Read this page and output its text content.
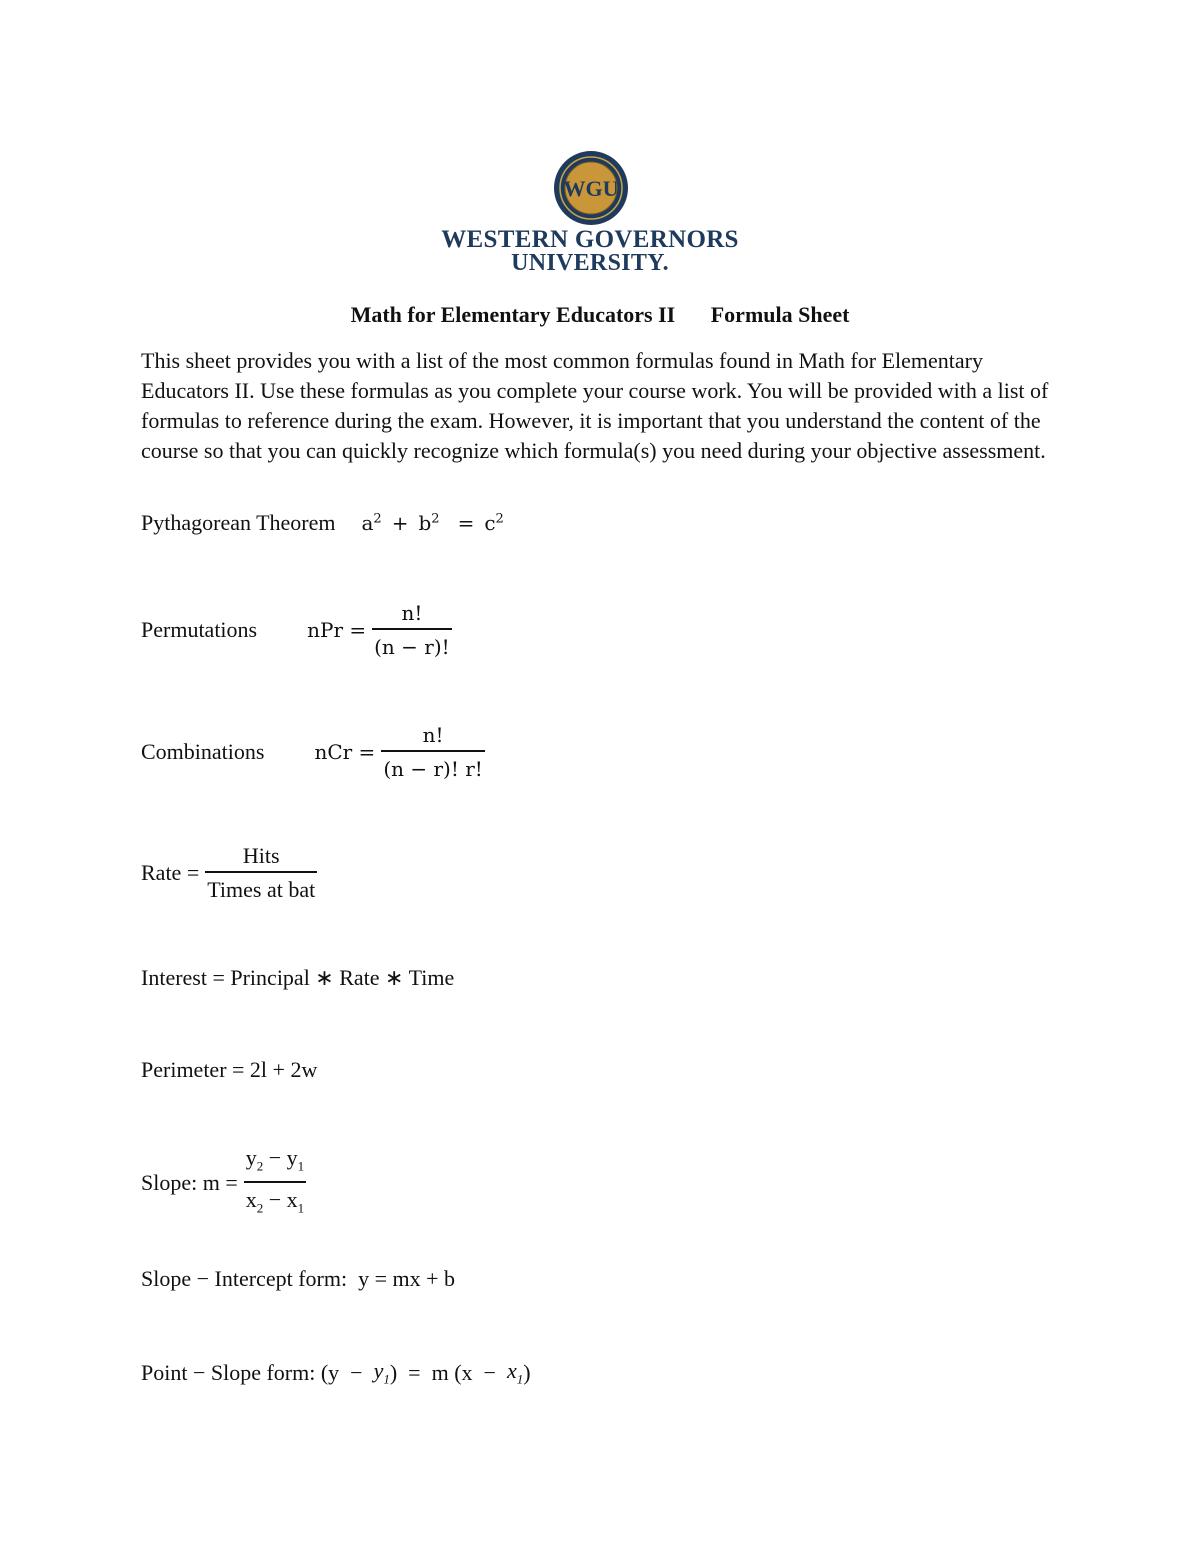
WGU
WESTERN GOVERNORS
UNIVERSITY.
Math for Elementary Educators II Formula Sheet
This sheet provides you with a list of the most common formulas found in Math for Elementary Educators II. Use these formulas as you complete your course work. You will be provided with a list of formulas to reference during the exam. However, it is important that you understand the content of the course so that you can quickly recognize which formula(s) you need during your objective assessment.
Pythagorean Theorem $a^2 + b^2 = c^2$
Permutations	nPr = $\frac{n!}{(n - r)!}$
Combinations	nCr = $\frac{n!}{(n - r)! r!}$
Rate = $\frac{\text{Hits}}{\text{Times at bat}}$
Interest = Principal ∗ Rate ∗ Time
Perimeter = 2l + 2w
Slope: $m = \frac{y_2 - y_1}{x_2 - x_1}$
Slope − Intercept form:  y = mx + b
Point − Slope form: ($y - y_1$ )  =  m ($x - x_1$ )
